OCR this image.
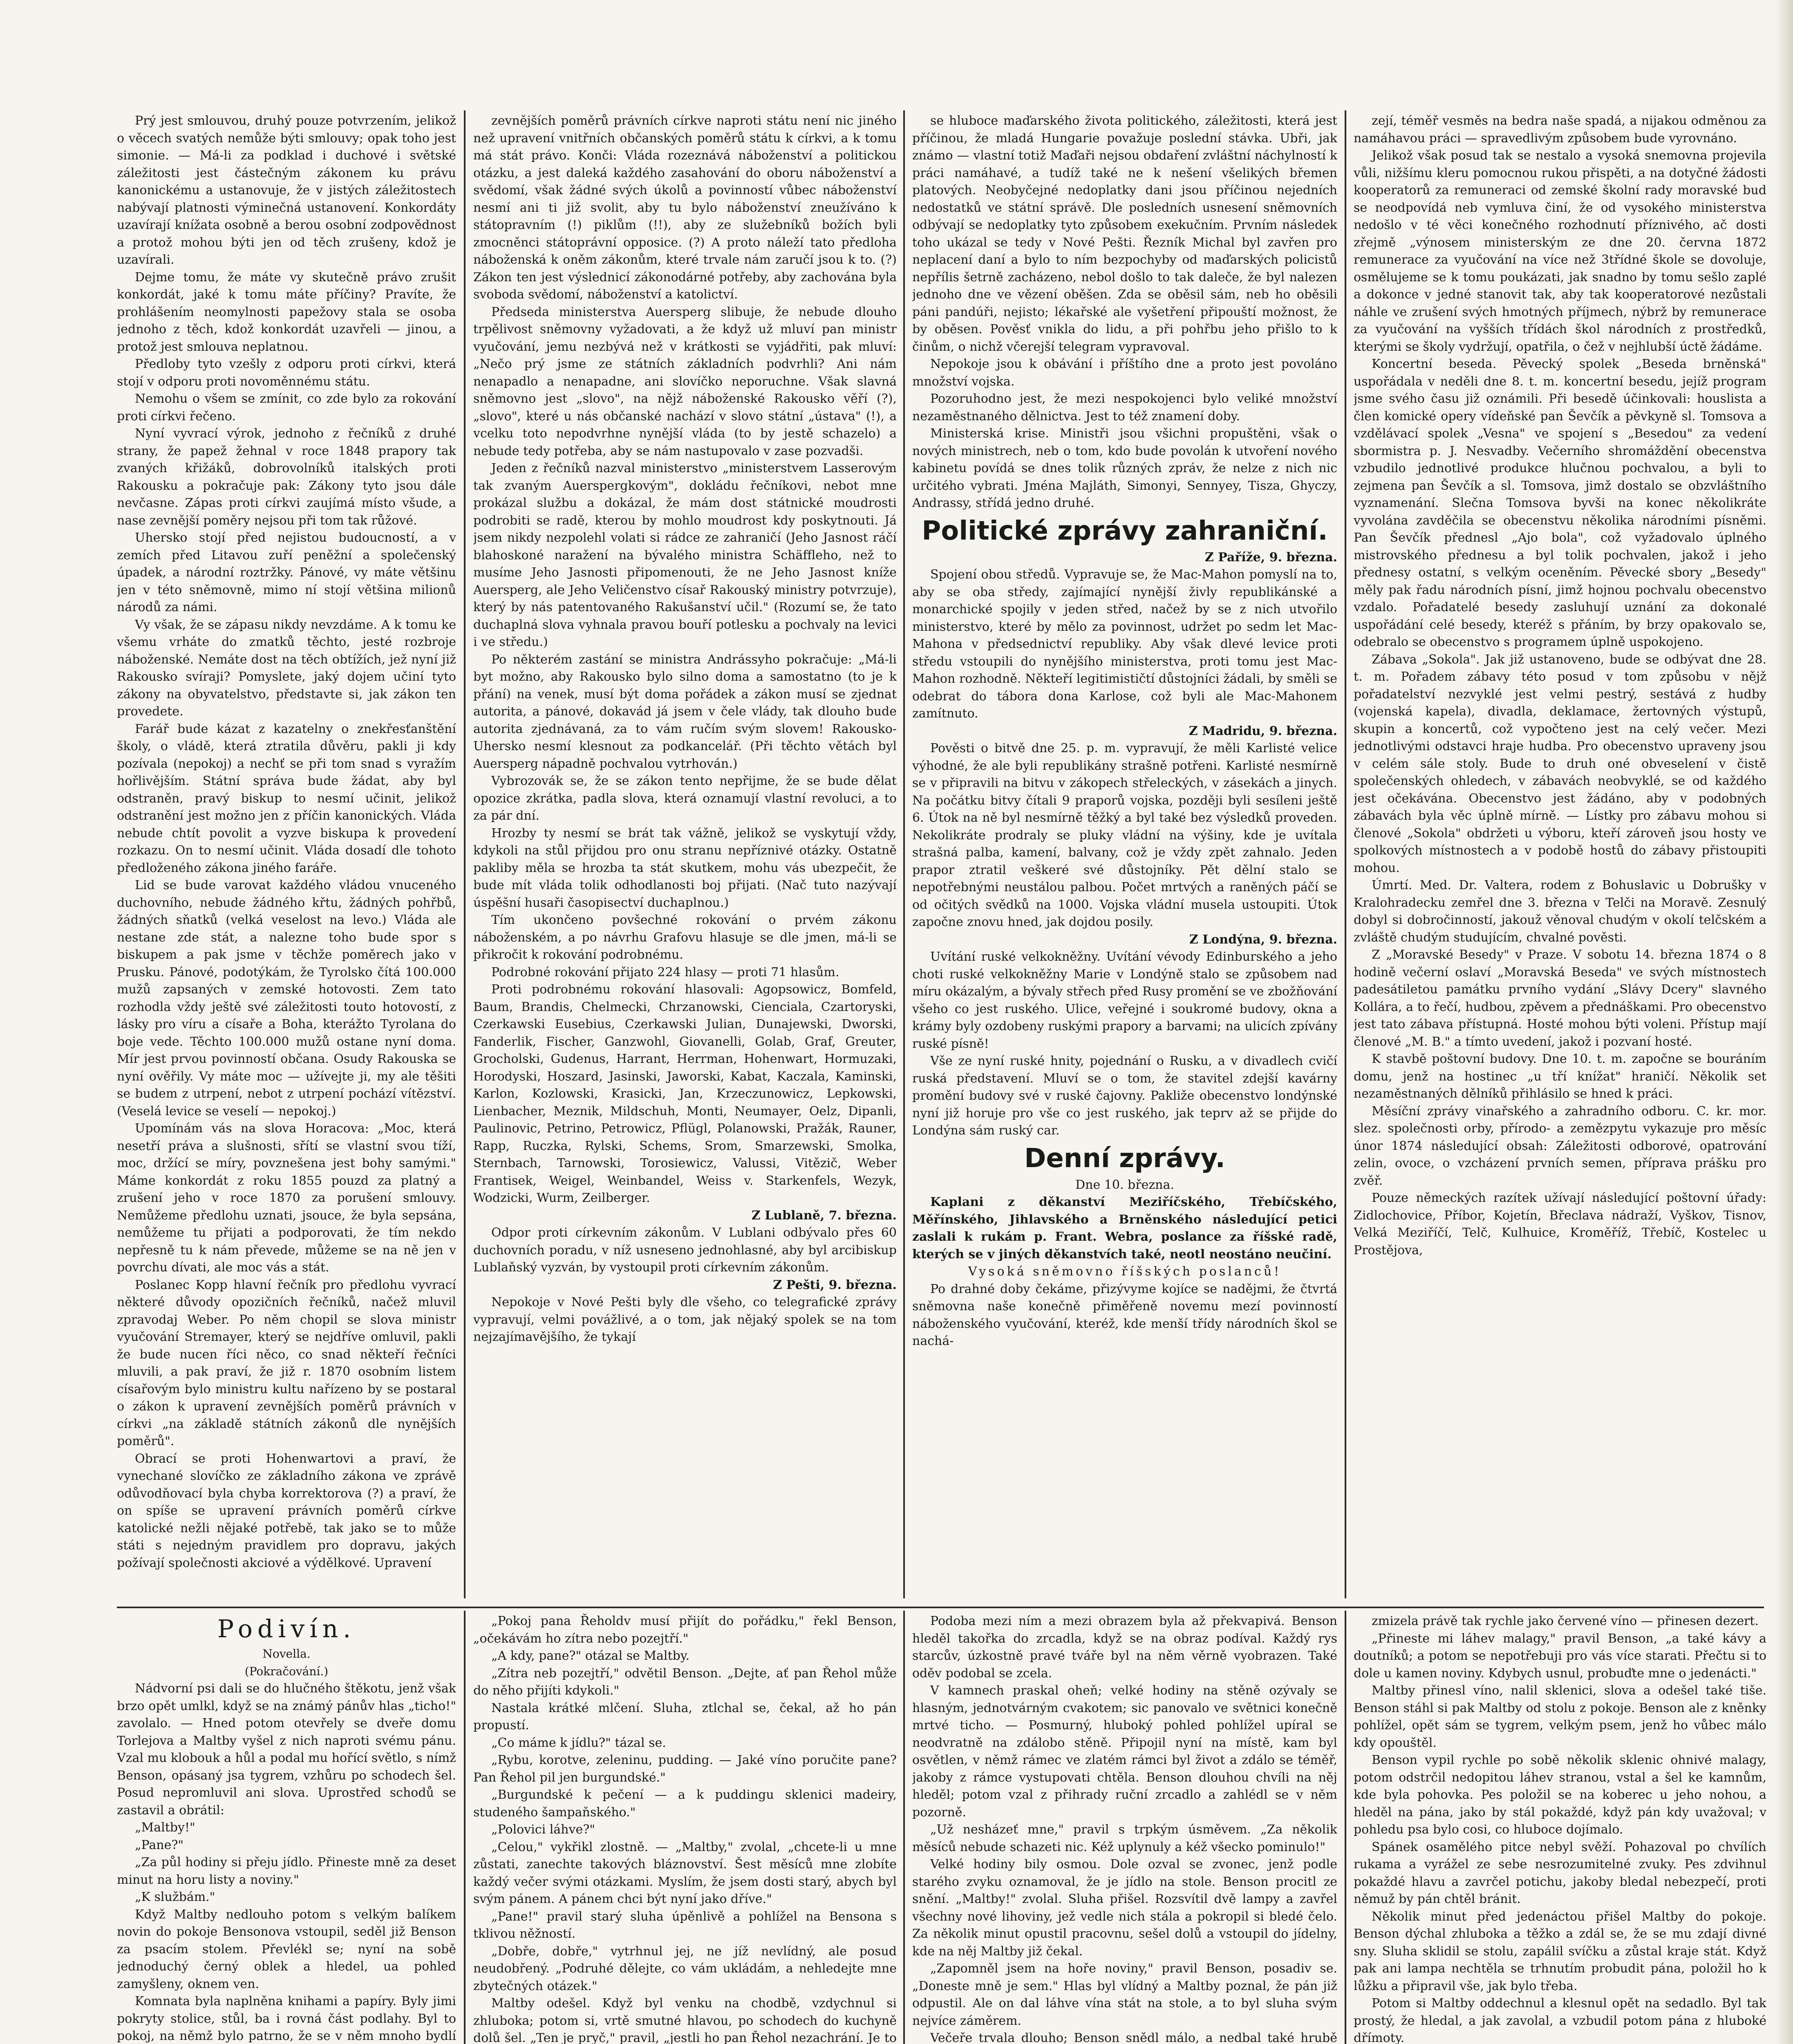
Prý jest smlouvou, druhý pouze potvrzením, jelikož o věcech svatých nemůže býti smlouvy; opak toho jest simonie. — Má-li za podklad i duchové i světské záležitosti jest částečným zákonem ku právu kanonickému a ustanovuje, že v jistých záležitostech nabývají platnosti výminečná ustanovení. Konkordáty uzavírají knížata osobně a berou osobní zodpovědnost a protož mohou býti jen od těch zrušeny, kdož je uzavírali.

Dejme tomu, že máte vy skutečně právo zrušit konkordát, jaké k tomu máte příčiny? Pravíte, že prohlášením neomylnosti papežovy stala se osoba jednoho z těch, kdož konkordát uzavřeli — jinou, a protož jest smlouva neplatnou.

Předloby tyto vzešly z odporu proti církvi, která stojí v odporu proti novoměnnému státu.

Nemohu o všem se zmínit, co zde bylo za rokování proti církvi řečeno.

Nyní vyvrací výrok, jednoho z řečníků z druhé strany, že papež žehnal v roce 1848 prapory tak zvaných křižáků, dobrovolníků italských proti Rakousku a pokračuje pak: Zákony tyto jsou dále nevčasne. Zápas proti církvi zaujímá místo všude, a nase zevnější poměry nejsou při tom tak růžové.

Uhersko stojí před nejistou budoucností, a v zemích před Litavou zuří peněžní a společenský úpadek, a národní roztržky. Pánové, vy máte většinu jen v této sněmovně, mimo ní stojí většina milionů národů za námi.

Vy však, že se zápasu nikdy nevzdáme. A k tomu ke všemu vrháte do zmatků těchto, jesté rozbroje náboženské. Nemáte dost na těch obtížích, jež nyní již Rakousko svíraji? Pomyslete, jaký dojem učiní tyto zákony na obyvatelstvo, představte si, jak zákon ten provedete.

Farář bude kázat z kazatelny o znekřesťanštění školy, o vládě, která ztratila důvěru, pakli ji kdy pozívala (nepokoj) a nechť se při tom snad s vyražím hořlivějším. Státní správa bude žádat, aby byl odstraněn, pravý biskup to nesmí učinit, jelikož odstranění jest možno jen z příčin kanonických. Vláda nebude chtít povolit a vyzve biskupa k provedení rozkazu. On to nesmí učinit. Vláda dosadí dle tohoto předloženého zákona jiného faráře.

Lid se bude varovat každého vládou vnuceného duchovního, nebude žádného křtu, žádných pohřbů, žádných sňatků (velká veselost na levo.) Vláda ale nestane zde stát, a nalezne toho bude spor s biskupem a pak jsme v těchže poměrech jako v Prusku. Pánové, podotýkám, že Tyrolsko čítá 100.000 mužů zapsaných v zemské hotovosti. Zem tato rozhodla vždy ještě své záležitosti touto hotovostí, z lásky pro víru a císaře a Boha, kterážto Tyrolana do boje vede. Těchto 100.000 mužů ostane nyní doma. Mír jest prvou povinností občana. Osudy Rakouska se nyní ověřily. Vy máte moc — užívejte ji, my ale těšiti se budem z utrpení, nebot z utrpení pochází vítězství. (Veselá levice se veselí — nepokoj.)

Upomínám vás na slova Horacova: „Moc, která nesetří práva a slušnosti, sřítí se vlastní svou tíží, moc, držící se míry, povznešena jest bohy samými." Máme konkordát z roku 1855 pouzd za platný a zrušení jeho v roce 1870 za porušení smlouvy. Nemůžeme předlohu uznati, jsouce, že byla sepsána, nemůžeme tu přijati a podporovati, že tím nekdo nepřesně tu k nám převede, můžeme se na ně jen v povrchu dívati, ale moc vás a stát.

Poslanec Kopp hlavní řečník pro předlohu vyvrací některé důvody opozičních řečníků, načež mluvil zpravodaj Weber. Po něm chopil se slova ministr vyučování Stremayer, který se nejdříve omluvil, pakli že bude nucen říci něco, co snad někteří řečníci mluvili, a pak praví, že již r. 1870 osobním listem císařovým bylo ministru kultu nařízeno by se postaral o zákon k upravení zevnějších poměrů právních v církvi „na základě státních zákonů dle nynějších poměrů".

Obrací se proti Hohenwartovi a praví, že vynechané slovíčko ze základního zákona ve zprávě odůvodňovací byla chyba korrektorova (?) a praví, že on spíše se upravení právních poměrů církve katolické nežli nějaké potřebě, tak jako se to může státi s nejedným pravidlem pro dopravu, jakých požívají společnosti akciové a výdělkové. Upravení

zevnějších poměrů právních církve naproti státu není nic jiného než upravení vnitřních občanských poměrů státu k církvi, a k tomu má stát právo. Konči: Vláda rozeznává náboženství a politickou otázku, a jest daleká každého zasahování do oboru náboženství a svědomí, však žádné svých úkolů a povinností vůbec náboženství nesmí ani ti již svolit, aby tu bylo náboženství zneužíváno k státopravním (!) piklům (!!), aby ze služebníků božích byli zmocněnci státoprávní opposice. (?) A proto náleží tato předloha náboženská k oněm zákonům, které trvale nám zaručí jsou k to. (?) Zákon ten jest výslednicí zákonodárné potřeby, aby zachována byla svoboda svědomí, náboženství a katolictví.

Předseda ministerstva Auersperg slibuje, že nebude dlouho trpělivost sněmovny vyžadovati, a že když už mluví pan ministr vyučování, jemu nezbývá než v krátkosti se vyjádřiti, pak mluví: „Nečo prý jsme ze státních základních podvrhli? Ani nám nenapadlo a nenapadne, ani slovíčko neporuchne. Však slavná sněmovno jest „slovo", na nějž náboženské Rakousko věří (?), „slovo", které u nás občanské nachází v slovo státní „ústava" (!), a vcelku toto nepodvrhne nynější vláda (to by jestě schazelo) a nebude tedy potřeba, aby se nám nastupovalo v zase pozvadši.

Jeden z řečníků nazval ministerstvo „ministerstvem Lasserovým tak zvaným Auerspergkovým", dokládu řečníkovi, nebot mne prokázal službu a dokázal, že mám dost státnické moudrosti podrobiti se radě, kterou by mohlo moudrost kdy poskytnouti. Já jsem nikdy nezpolehl volati si rádce ze zahraničí (Jeho Jasnost ráčí blahoskoné naražení na bývalého ministra Schäffleho, než to musíme Jeho Jasnosti připomenouti, že ne Jeho Jasnost kníže Auersperg, ale Jeho Veličenstvo císař Rakouský ministry potvrzuje), který by nás patentovaného Rakušanství učil." (Rozumí se, že tato duchaplná slova vyhnala pravou bouří potlesku a pochvaly na levici i ve středu.)

Po některém zastání se ministra Andrássyho pokračuje: „Má-li byt možno, aby Rakousko bylo silno doma a samostatno (to je k přání) na venek, musí být doma pořádek a zákon musí se zjednat autorita, a pánové, dokavád já jsem v čele vlády, tak dlouho bude autorita zjednávaná, za to vám ručím svým slovem! Rakousko-Uhersko nesmí klesnout za podkancelář. (Při těchto větách byl Auersperg nápadně pochvalou vytrhován.)

Vybrozovák se, že se zákon tento nepřijme, že se bude dělat opozice zkrátka, padla slova, která oznamují vlastní revoluci, a to za pár dní.

Hrozby ty nesmí se brát tak vážně, jelikož se vyskytují vždy, kdykoli na stůl přijdou pro onu stranu nepříznivé otázky. Ostatně pakliby měla se hrozba ta stát skutkem, mohu vás ubezpečit, že bude mít vláda tolik odhodlanosti boj přijati. (Nač tuto nazývají úspěšní husaři časopisectví duchaplnou.)

Tím ukončeno povšechné rokování o prvém zákonu náboženském, a po návrhu Grafovu hlasuje se dle jmen, má-li se přikročit k rokování podrobnému.

Podrobné rokování přijato 224 hlasy — proti 71 hlasům.

Proti podrobnému rokování hlasovali: Agopsowicz, Bomfeld, Baum, Brandis, Chelmecki, Chrzanowski, Cienciala, Czartoryski, Czerkawski Eusebius, Czerkawski Julian, Dunajewski, Dworski, Fanderlik, Fischer, Ganzwohl, Giovanelli, Golab, Graf, Greuter, Grocholski, Gudenus, Harrant, Herrman, Hohenwart, Hormuzaki, Horodyski, Hoszard, Jasinski, Jaworski, Kabat, Kaczala, Kaminski, Karlon, Kozlowski, Krasicki, Jan, Krzeczunowicz, Lepkowski, Lienbacher, Meznik, Mildschuh, Monti, Neumayer, Oelz, Dipanli, Paulinovic, Petrino, Petrowicz, Pflügl, Polanowski, Pražák, Rauner, Rapp, Ruczka, Rylski, Schems, Srom, Smarzewski, Smolka, Sternbach, Tarnowski, Torosiewicz, Valussi, Vitězič, Weber Frantisek, Weigel, Weinbandel, Weiss v. Starkenfels, Wezyk, Wodzicki, Wurm, Zeilberger.

Z Lublaně, 7. března.

Odpor proti církevním zákonům. V Lublani odbývalo přes 60 duchovních poradu, v níž usneseno jednohlasné, aby byl arcibiskup Lublaňský vyzván, by vystoupil proti církevním zákonům.

Z Pešti, 9. března.

Nepokoje v Nové Pešti byly dle všeho, co telegrafické zprávy vypravují, velmi povážlivé, a o tom, jak nějaký spolek se na tom nejzajímavějšího, že tykají

se hluboce maďarského života politického, záležitosti, která jest příčinou, že mladá Hungarie považuje poslední stávka. Ubři, jak známo — vlastní totiž Maďaři nejsou obdaření zvláštní náchylností k práci namáhavé, a tudíž také ne k nešení všelikých břemen platových. Neobyčejné nedoplatky dani jsou příčinou nejedních nedostatků ve státní správě. Dle posledních usnesení sněmovních odbývají se nedoplatky tyto způsobem exekučním. Prvním následek toho ukázal se tedy v Nové Pešti. Řezník Michal byl zavřen pro neplacení daní a bylo to ním bezpochyby od maďarských policistů nepřílis šetrně zacházeno, nebol došlo to tak daleče, že byl nalezen jednoho dne ve vězení oběšen. Zda se oběsil sám, neb ho oběsili páni pandúři, nejisto; lékařské ale vyšetření připouští možnost, že by oběsen. Pověsť vnikla do lidu, a při pohřbu jeho přišlo to k činům, o nichž včerejší telegram vypravoval.

Nepokoje jsou k obávání i příštího dne a proto jest povoláno množství vojska.

Pozoruhodno jest, že mezi nespokojenci bylo veliké množství nezaměstnaného dělnictva. Jest to též znamení doby.

Ministerská krise. Ministři jsou všichni propuštěni, však o nových ministrech, neb o tom, kdo bude povolán k utvoření nového kabinetu povídá se dnes tolik různých zpráv, že nelze z nich nic určitého vybrati. Jména Majláth, Simonyi, Sennyey, Tisza, Ghyczy, Andrassy, střídá jedno druhé.

Politické zprávy zahraniční.

Z Paříže, 9. března.

Spojení obou středů. Vypravuje se, že Mac-Mahon pomyslí na to, aby se oba středy, zajímající nynější živly republikánské a monarchické spojily v jeden střed, načež by se z nich utvořilo ministerstvo, které by mělo za povinnost, udržet po sedm let Mac-Mahona v předsednictví republiky. Aby však dlevé levice proti středu vstoupili do nynějšího ministerstva, proti tomu jest Mac-Mahon rozhodně. Někteří legitimističtí důstojníci žádali, by směli se odebrat do tábora dona Karlose, což byli ale Mac-Mahonem zamítnuto.

Z Madridu, 9. března.

Pověsti o bitvě dne 25. p. m. vypravují, že měli Karlisté velice výhodné, že ale byli republikány strašně potřeni. Karlisté nesmírně se v připravili na bitvu v zákopech střeleckých, v zásekách a jinych. Na počátku bitvy čítali 9 praporů vojska, později byli sesíleni ještě 6. Útok na ně byl nesmírně těžký a byl také bez výsledků proveden. Nekolikráte prodraly se pluky vládní na výšiny, kde je uvítala strašná palba, kamení, balvany, což je vždy zpět zahnalo. Jeden prapor ztratil veškeré své důstojníky. Pět dělní stalo se nepotřebnými neustálou palbou. Počet mrtvých a raněných páčí se od očitých svědků na 1000. Vojska vládní musela ustoupiti. Útok započne znovu hned, jak dojdou posily.

Z Londýna, 9. března.

Uvítání ruské velkokněžny. Uvítání vévody Edinburského a jeho choti ruské velkokněžny Marie v Londýně stalo se způsobem nad míru okázalým, a bývaly střech před Rusy promění se ve zbožňování všeho co jest ruského. Ulice, veřejné i soukromé budovy, okna a krámy byly ozdobeny ruskými prapory a barvami; na ulicích zpívány ruské písně!

Vše ze nyní ruské hnity, pojednání o Rusku, a v divadlech cvičí ruská představení. Mluví se o tom, že stavitel zdejší kavárny promění budovy své v ruské čajovny. Pakliže obecenstvo londýnské nyní již horuje pro vše co jest ruského, jak teprv až se přijde do Londýna sám ruský car.

Denní zprávy.

Dne 10. března.

Kaplani z děkanství Meziříčského, Třebíčského, Měřínského, Jihlavského a Brněnského následující petici zaslali k rukám p. Frant. Webra, poslance za říšské radě, kterých se v jiných děkanstvích také, neotl neostáno neučiní.

Vysoká sněmovno říšských poslanců!

Po drahné doby čekáme, přizývyme kojíce se nadějmi, že čtvrtá sněmovna naše konečně přiměřeně novemu mezí povinností náboženského vyučování, kteréž, kde menší třídy národních škol se nachá-

zejí, téměř vesměs na bedra naše spadá, a nijakou odměnou za namáhavou práci — spravedlivým způsobem bude vyrovnáno.

Jelikož však posud tak se nestalo a vysoká snemovna projevila vůli, nižšímu kleru pomocnou rukou přispěti, a na dotyčné žádosti kooperatorů za remuneraci od zemské školní rady moravské bud se neodpovídá neb vymluva činí, že od vysokého ministerstva nedošlo v té věci konečného rozhodnutí příznivého, ač dosti zřejmě „výnosem ministerským ze dne 20. června 1872 remunerace za vyučování na více než 3třídné škole se dovoluje, osmělujeme se k tomu poukázati, jak snadno by tomu sešlo zaplé a dokonce v jedné stanovit tak, aby tak kooperatorové nezůstali náhle ve zrušení svých hmotných příjmech, nýbrž by remunerace za vyučování na vyšších třídách škol národních z prostředků, kterými se školy vydržují, opatřila, o čež v nejhlubší úctě žádáme.

Koncertní beseda. Pěvecký spolek „Beseda brněnská" uspořádala v neděli dne 8. t. m. koncertní besedu, jejíž program jsme svého času již oznámili. Při besedě účinkovali: houslista a člen komické opery vídeňské pan Ševčík a pěvkyně sl. Tomsova a vzdělávací spolek „Vesna" ve spojení s „Besedou" za vedení sbormistra p. J. Nesvadby. Večerního shromáždění obecenstva vzbudilo jednotlivé produkce hlučnou pochvalou, a byli to zejmena pan Ševčík a sl. Tomsova, jimž dostalo se obzvláštního vyznamenání. Slečna Tomsova byvši na konec několikráte vyvolána zavděčila se obecenstvu několika národními písněmi. Pan Ševčík přednesl „Ajo bola", což vyžadovalo úplného mistrovského přednesu a byl tolik pochvalen, jakož i jeho přednesy ostatní, s velkým oceněním. Pěvecké sbory „Besedy" měly pak řadu národních písní, jimž hojnou pochvalu obecenstvo vzdalo. Pořadatelé besedy zasluhují uznání za dokonalé uspořádání celé besedy, kteréž s přáním, by brzy opakovalo se, odebralo se obecenstvo s programem úplně uspokojeno.

Zábava „Sokola". Jak již ustanoveno, bude se odbývat dne 28. t. m. Pořadem zábavy této posud v tom způsobu v nějž pořadatelství nezvyklé jest velmi pestrý, sestává z hudby (vojenská kapela), divadla, deklamace, žertovných výstupů, skupin a koncertů, což vypočteno jest na celý večer. Mezi jednotlivými odstavci hraje hudba. Pro obecenstvo upraveny jsou v celém sále stoly. Bude to druh oné obveselení v čistě společenských ohledech, v zábavách neobvyklé, se od každého jest očekávána. Obecenstvo jest žádáno, aby v podobných zábavách byla věc úplně mírně. — Lístky pro zábavu mohou si členové „Sokola" obdržeti u výboru, kteří zároveň jsou hosty ve spolkových místnostech a v podobě hostů do zábavy přistoupiti mohou.

Úmrtí. Med. Dr. Valtera, rodem z Bohuslavic u Dobrušky v Kralohradecku zemřel dne 3. března v Telči na Moravě. Zesnulý dobyl si dobročinností, jakouž věnoval chudým v okolí telčském a zvláště chudým studujícím, chvalné pověsti.

Z „Moravské Besedy" v Praze. V sobotu 14. března 1874 o 8 hodině večerní oslaví „Moravská Beseda" ve svých místnostech padesátiletou památku prvního vydání „Slávy Dcery" slavného Kollára, a to řečí, hudbou, zpěvem a přednáškami. Pro obecenstvo jest tato zábava přístupná. Hosté mohou býti voleni. Přístup mají členové „M. B." a tímto uvedení, jakož i pozvaní hosté.

K stavbě poštovní budovy. Dne 10. t. m. započne se bouráním domu, jenž na hostinec „u tří knížat" hraničí. Několik set nezaměstnaných dělníků přihlásilo se hned k práci.

Měsíční zprávy vinařského a zahradního odboru. C. kr. mor. slez. společnosti orby, přírodo- a zemězpytu vykazuje pro měsíc únor 1874 následující obsah: Záležitosti odborové, opatrování zelin, ovoce, o vzcházení prvních semen, příprava prášku pro zvěř.

Pouze německých razítek užívají následující poštovní úřady: Zidlochovice, Příbor, Kojetín, Břeclava nádraží, Vyškov, Tisnov, Velká Meziříčí, Telč, Kulhuice, Kroměříž, Třebíč, Kostelec u Prostějova,

Podivín.

Novella.

(Pokračování.)

Nádvorní psi dali se do hlučného štěkotu, jenž však brzo opět umlkl, když se na známý pánův hlas „ticho!" zavolalo. — Hned potom otevřely se dveře domu Torlejova a Maltby vyšel z nich naproti svému pánu. Vzal mu klobouk a hůl a podal mu hořící světlo, s nímž Benson, opásaný jsa tygrem, vzhůru po schodech šel. Posud nepromluvil ani slova. Uprostřed schodů se zastavil a obrátil:

„Maltby!"

„Pane?"

„Za půl hodiny si přeju jídlo. Přineste mně za deset minut na horu listy a noviny."

„K službám."

Když Maltby nedlouho potom s velkým balíkem novin do pokoje Bensonova vstoupil, seděl již Benson za psacím stolem. Převlékl se; nyní na sobě jednoduchý černý oblek a hledel, ua pohled zamyšleny, oknem ven.

Komnata byla naplněna knihami a papíry. Byly jimi pokryty stolice, stůl, ba i rovná část podlahy. Byl to pokoj, na němž bylo patrno, že se v něm mnoho bydlí

„Pokoj pana Řeholdv musí přijít do pořádku," řekl Benson, „očekávám ho zítra nebo pozejtří."

„A kdy, pane?" otázal se Maltby.

„Zítra neb pozejtří," odvětil Benson. „Dejte, ať pan Řehol může do něho přijíti kdykoli."

Nastala krátké mlčení. Sluha, ztlchal se, čekal, až ho pán propustí.

„Co máme k jídlu?" tázal se.

„Rybu, korotve, zeleninu, pudding. — Jaké víno poručite pane? Pan Řehol pil jen burgundské."

„Burgundské k pečení — a k puddingu sklenici madeiry, studeného šampaňského."

„Polovici láhve?"

„Celou," vykřikl zlostně. — „Maltby," zvolal, „chcete-li u mne zůstati, zanechte takových bláznovství. Šest měsíců mne zlobíte každý večer svými otázkami. Myslím, že jsem dosti starý, abych byl svým pánem. A pánem chci být nyní jako dříve."

„Pane!" pravil starý sluha úpěnlivě a pohlížel na Bensona s tklivou něžností.

„Dobře, dobře," vytrhnul jej, ne jíž nevlídný, ale posud neudobřený. „Podruhé dělejte, co vám ukládám, a nehledejte mne zbytečných otázek."

Maltby odešel. Když byl venku na chodbě, vzdychnul si zhluboka; potom si, vrtě smutné hlavou, po schodech do kuchyně dolů šel. „Ten je pryč," pravil, „jestli ho pan Řehol nezachrání. Je to

Podoba mezi ním a mezi obrazem byla až překvapivá. Benson hleděl takořka do zrcadla, když se na obraz podíval. Každý rys starcův, úzkostně pravé tváře byl na něm věrně vyobrazen. Také oděv podobal se zcela.

V kamnech praskal oheň; velké hodiny na stěně ozývaly se hlasným, jednotvárným cvakotem; sic panovalo ve světnici konečně mrtvé ticho. — Posmurný, hluboký pohled pohlížel upíral se neodvratně na zdálobo stěně. Připojil nyní na místě, kam byl osvětlen, v němž rámec ve zlatém rámci byl život a zdálo se téměř, jakoby z rámce vystupovati chtěla. Benson dlouhou chvíli na něj hleděl; potom vzal z přihrady ruční zrcadlo a zahlédl se v něm pozorně.

„Už nesházeť mne," pravil s trpkým úsměvem. „Za několik měsíců nebude schazeti nic. Kéž uplynuly a kéž všecko pominulo!"

Velké hodiny bily osmou. Dole ozval se zvonec, jenž podle starého zvyku oznamoval, že je jídlo na stole. Benson procitl ze snění. „Maltby!" zvolal. Sluha přišel. Rozsvítil dvě lampy a zavřel všechny nové lihoviny, jež vedle nich stála a pokropil si bledé čelo. Za několik minut opustil pracovnu, sešel dolů a vstoupil do jídelny, kde na něj Maltby již čekal.

„Zapomněl jsem na hoře noviny," pravil Benson, posadiv se. „Doneste mně je sem." Hlas byl vlídný a Maltby poznal, že pán již odpustil. Ale on dal láhve vína stát na stole, a to byl sluha svým nejvíce záměrem.

Večeře trvala dlouho; Benson snědl málo, a nedbal také hrubě

zmizela právě tak rychle jako červené víno — přinesen dezert.

„Přineste mi láhev malagy," pravil Benson, „a také kávy a doutníků; a potom se nepotřebuji pro vás více starati. Přečtu si to dole u kamen noviny. Kdybych usnul, probuďte mne o jedenácti."

Maltby přinesl víno, nalil sklenici, slova a odešel také tiše. Benson stáhl si pak Maltby od stolu z pokoje. Benson ale z kněnky pohlížel, opět sám se tygrem, velkým psem, jenž ho vůbec málo kdy opouštěl.

Benson vypil rychle po sobě několik sklenic ohnivé malagy, potom odstrčil nedopitou láhev stranou, vstal a šel ke kamnům, kde byla pohovka. Pes položil se na koberec u jeho nohou, a hleděl na pána, jako by stál pokaždé, když pán kdy uvažoval; v pohledu psa bylo cosi, co hluboce dojímalo.

Spánek osamělého pitce nebyl svěží. Pohazoval po chvílích rukama a vyrážel ze sebe nesrozumitelné zvuky. Pes zdvihnul pokaždé hlavu a zavrčel potichu, jakoby bledal nebezpečí, proti němuž by pán chtěl bránit.

Několik minut před jedenáctou přišel Maltby do pokoje. Benson dýchal zhluboka a těžko a zdál se, že se mu zdají divné sny. Sluha sklidil se stolu, zapálil svíčku a zůstal kraje stát. Když pak ani lampa nechtěla se trhnutím probudit pána, položil ho k lůžku a připravil vše, jak bylo třeba.

Potom si Maltby oddechnul a klesnul opět na sedadlo. Byl tak prostý, že hledal, a jak zavolal, a vzbudil potom pána z hluboké dřímoty.
